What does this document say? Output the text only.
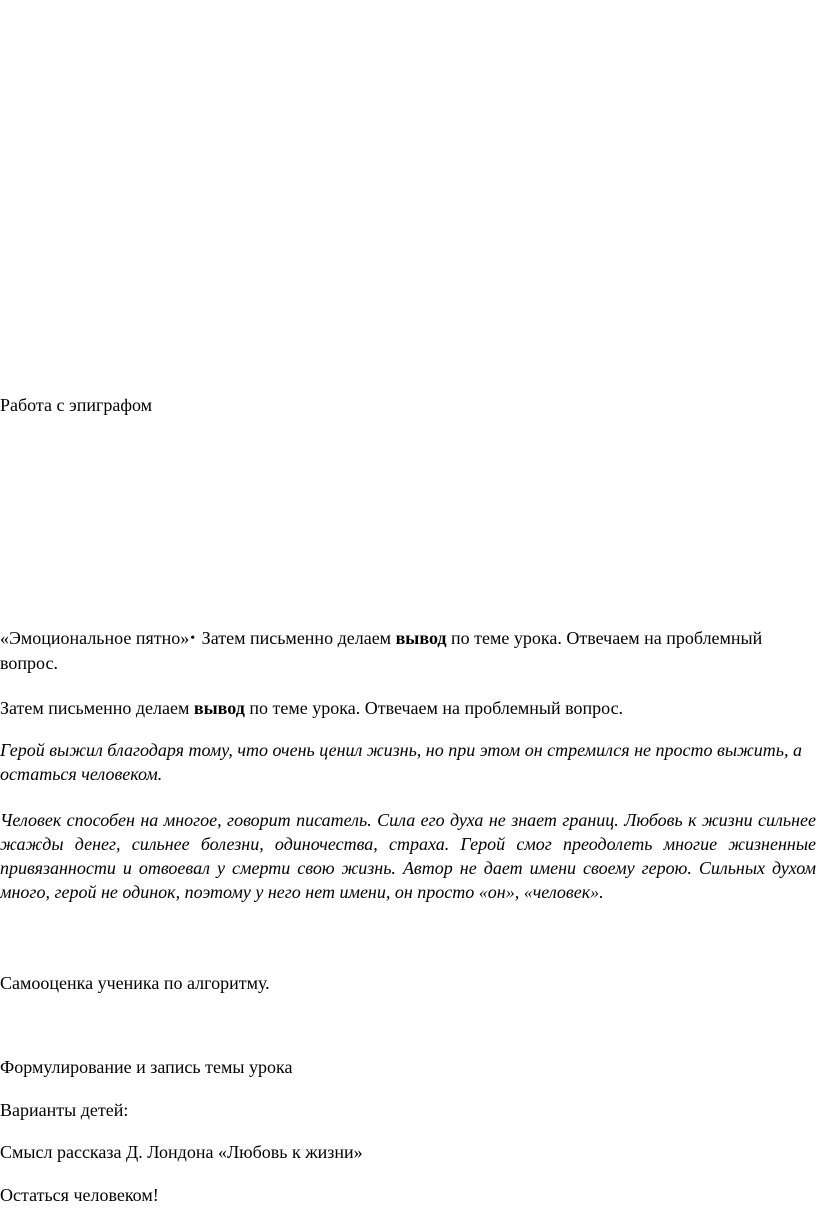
Работа с эпиграфом

«Эмоциональное пятно»• Затем письменно делаем вывод по теме урока. Отвечаем на проблемный вопрос.

Затем письменно делаем вывод по теме урока. Отвечаем на проблемный вопрос.

Герой выжил благодаря тому, что очень ценил жизнь, но при этом он стремился не просто выжить, а остаться человеком.

Человек способен на многое, говорит писатель. Сила его духа не знает границ. Любовь к жизни сильнее жажды денег, сильнее болезни, одиночества, страха. Герой смог преодолеть многие жизненные привязанности и отвоевал у смерти свою жизнь. Автор не дает имени своему герою. Сильных духом много, герой не одинок, поэтому у него нет имени, он просто «он», «человек».

Самооценка ученика по алгоритму.

Формулирование и запись темы урока

Варианты детей:

Смысл рассказа Д. Лондона «Любовь к жизни»

Остаться человеком!
